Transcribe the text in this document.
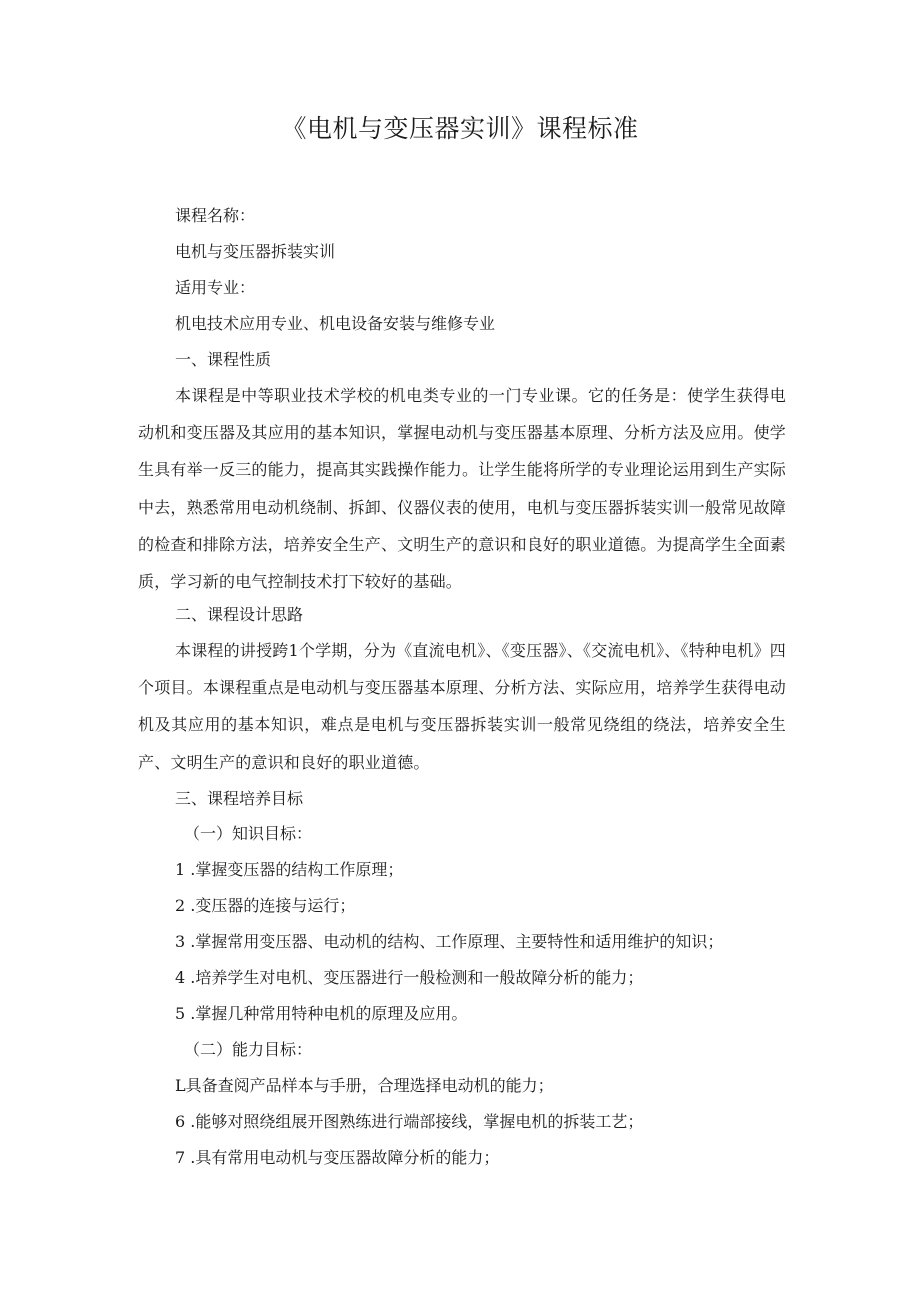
《电机与变压器实训》课程标准
课程名称：
电机与变压器拆装实训
适用专业：
机电技术应用专业、机电设备安装与维修专业
一、课程性质
本课程是中等职业技术学校的机电类专业的一门专业课。它的任务是：使学生获得电动机和变压器及其应用的基本知识，掌握电动机与变压器基本原理、分析方法及应用。使学生具有举一反三的能力，提高其实践操作能力。让学生能将所学的专业理论运用到生产实际中去，熟悉常用电动机绕制、拆卸、仪器仪表的使用，电机与变压器拆装实训一般常见故障的检查和排除方法，培养安全生产、文明生产的意识和良好的职业道德。为提高学生全面素质，学习新的电气控制技术打下较好的基础。
二、课程设计思路
本课程的讲授跨1个学期，分为《直流电机》、《变压器》、《交流电机》、《特种电机》四个项目。本课程重点是电动机与变压器基本原理、分析方法、实际应用，培养学生获得电动机及其应用的基本知识，难点是电机与变压器拆装实训一般常见绕组的绕法，培养安全生产、文明生产的意识和良好的职业道德。
三、课程培养目标
（一）知识目标：
1 .掌握变压器的结构工作原理；
2 .变压器的连接与运行；
3 .掌握常用变压器、电动机的结构、工作原理、主要特性和适用维护的知识；
4 .培养学生对电机、变压器进行一般检测和一般故障分析的能力；
5 .掌握几种常用特种电机的原理及应用。
（二）能力目标：
L具备查阅产品样本与手册，合理选择电动机的能力；
6 .能够对照绕组展开图熟练进行端部接线，掌握电机的拆装工艺；
7 .具有常用电动机与变压器故障分析的能力；
